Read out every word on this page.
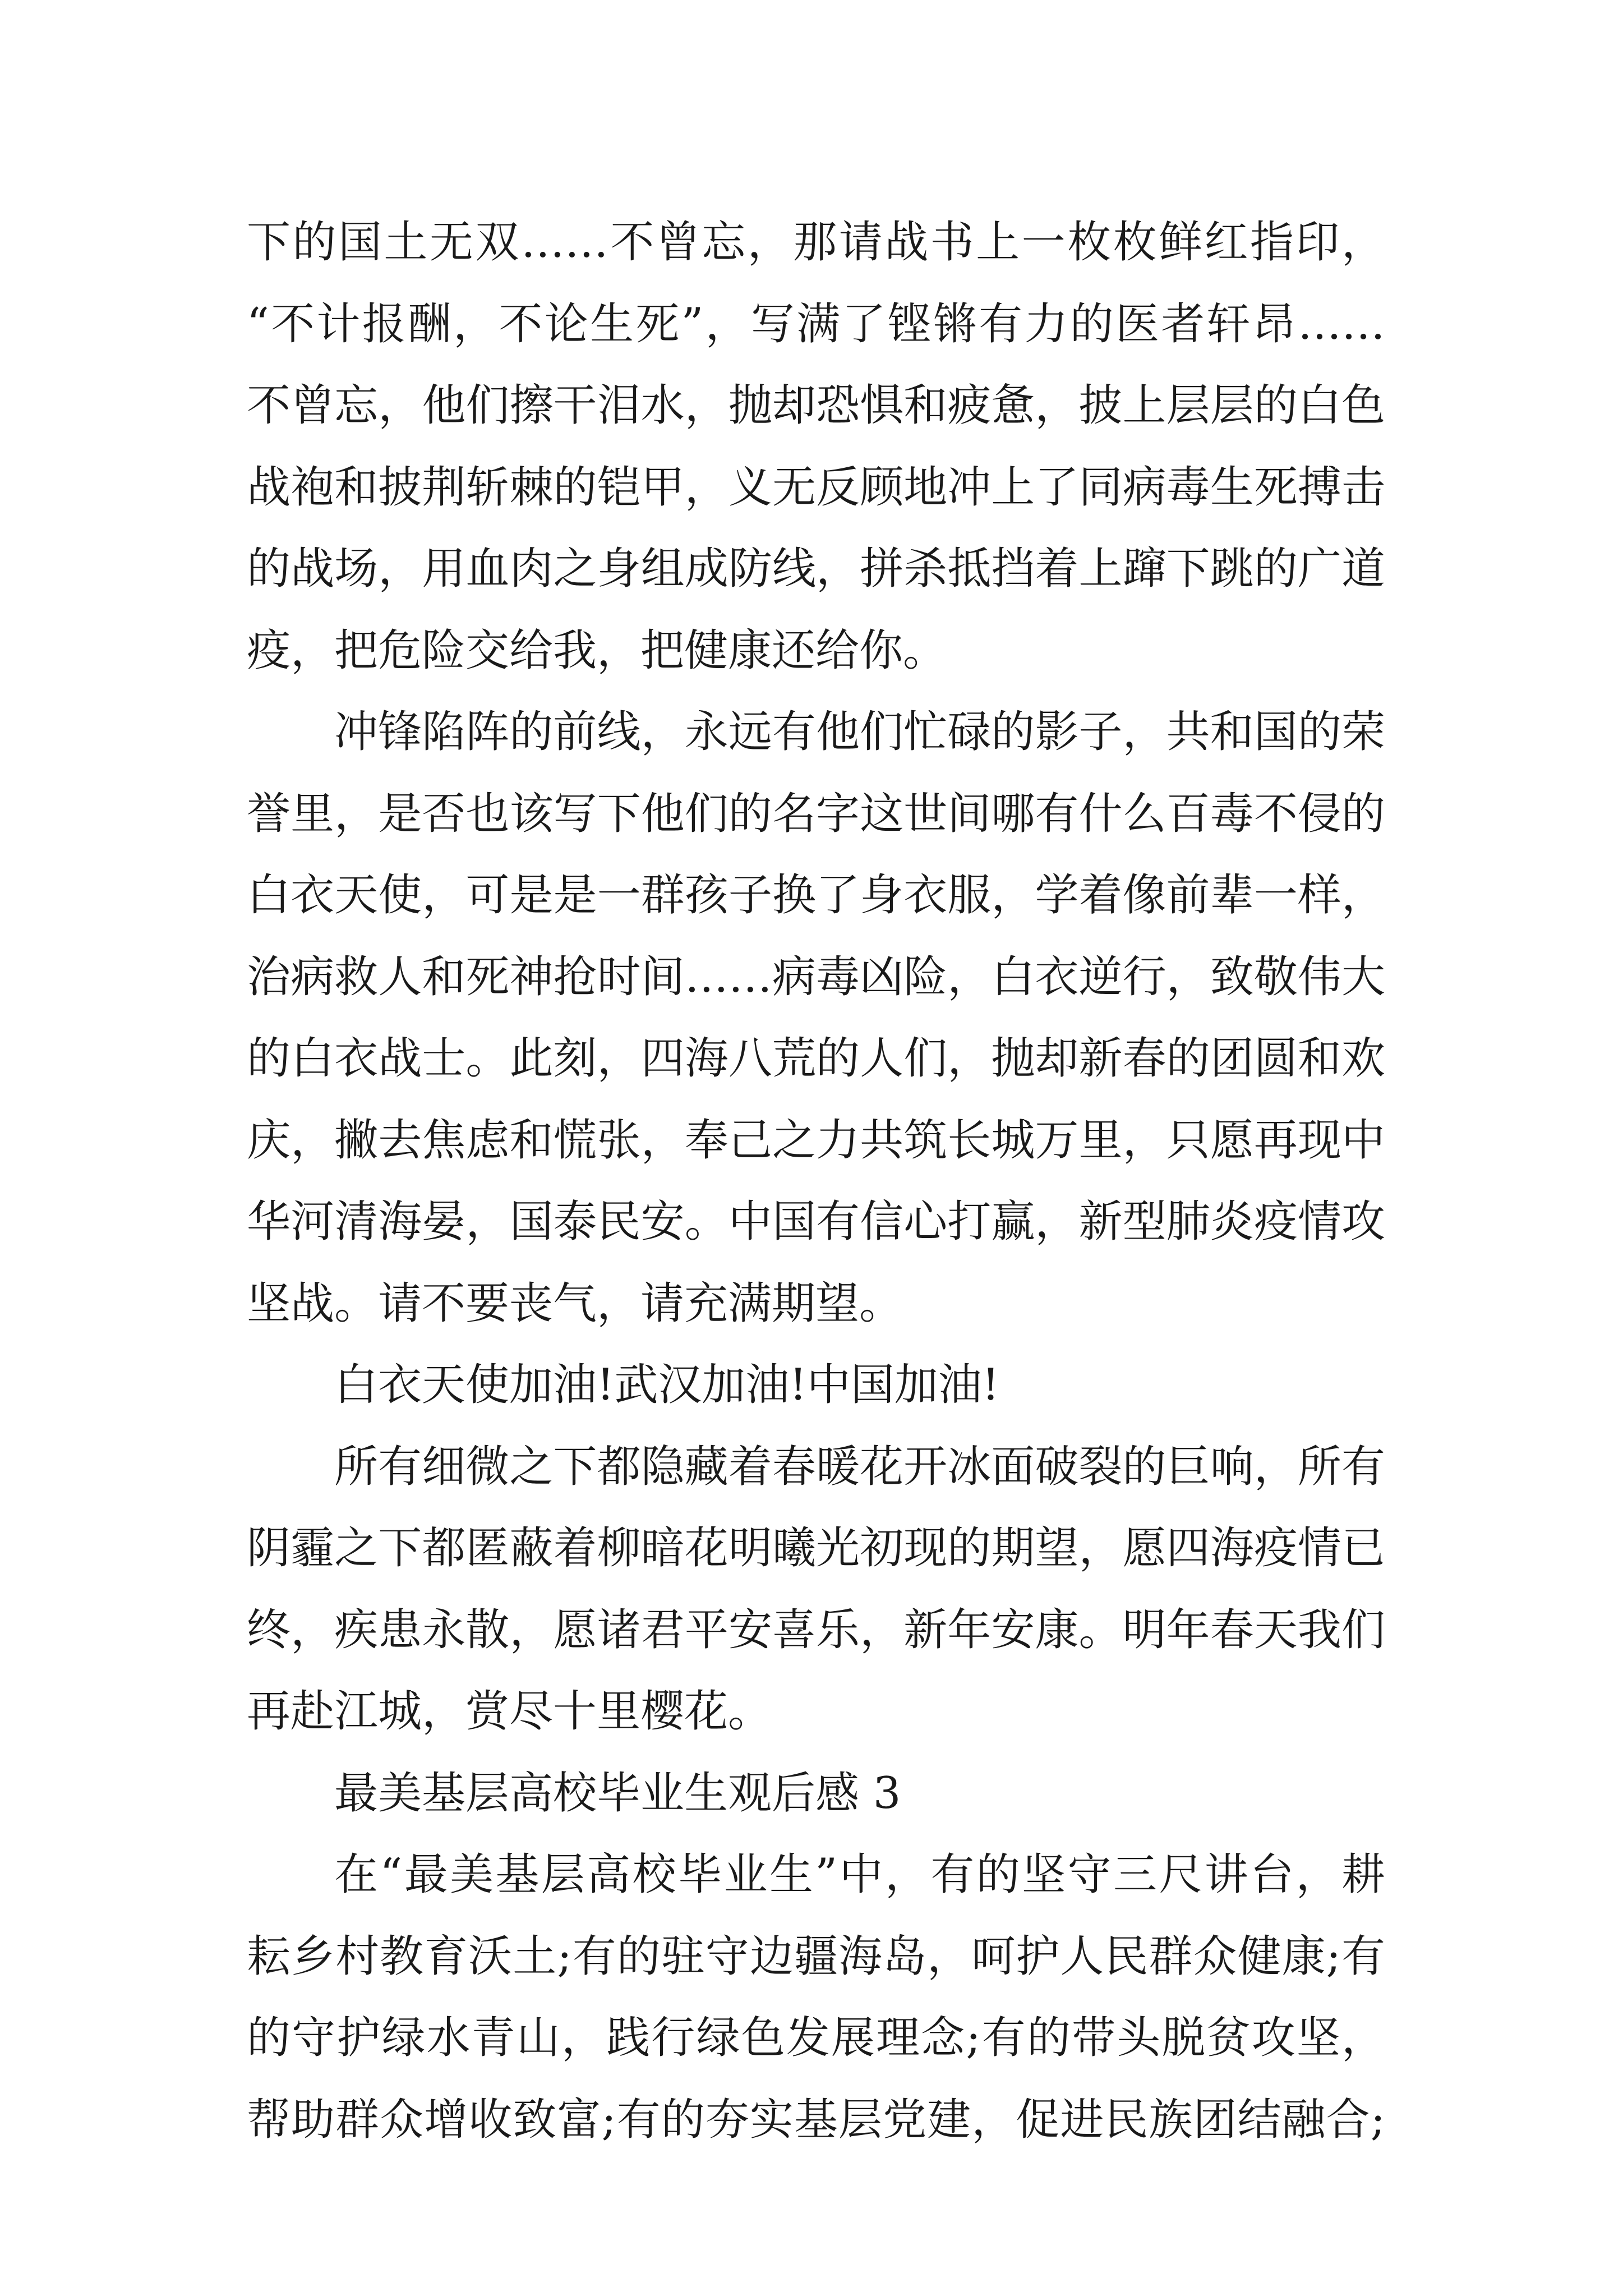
下的国土无双……不曾忘，那请战书上一枚枚鲜红指印，
“不计报酬，不论生死”，写满了铿锵有力的医者轩昂……
不曾忘，他们擦干泪水，抛却恐惧和疲惫，披上层层的白色
战袍和披荆斩棘的铠甲，义无反顾地冲上了同病毒生死搏击
的战场，用血肉之身组成防线，拼杀抵挡着上蹿下跳的广道
疫，把危险交给我，把健康还给你。
冲锋陷阵的前线，永远有他们忙碌的影子，共和国的荣
誉里，是否也该写下他们的名字这世间哪有什么百毒不侵的
白衣天使，可是是一群孩子换了身衣服，学着像前辈一样，
治病救人和死神抢时间……病毒凶险，白衣逆行，致敬伟大
的白衣战士。此刻，四海八荒的人们，抛却新春的团圆和欢
庆，撇去焦虑和慌张，奉己之力共筑长城万里，只愿再现中
华河清海晏，国泰民安。中国有信心打赢，新型肺炎疫情攻
坚战。请不要丧气，请充满期望。
白衣天使加油!武汉加油!中国加油!
所有细微之下都隐藏着春暖花开冰面破裂的巨响，所有
阴霾之下都匿蔽着柳暗花明曦光初现的期望，愿四海疫情已
终，疾患永散，愿诸君平安喜乐，新年安康。明年春天我们
再赴江城，赏尽十里樱花。
最美基层高校毕业生观后感 3
在“最美基层高校毕业生”中，有的坚守三尺讲台，耕
耘乡村教育沃土;有的驻守边疆海岛，呵护人民群众健康;有
的守护绿水青山，践行绿色发展理念;有的带头脱贫攻坚，
帮助群众增收致富;有的夯实基层党建，促进民族团结融合;
